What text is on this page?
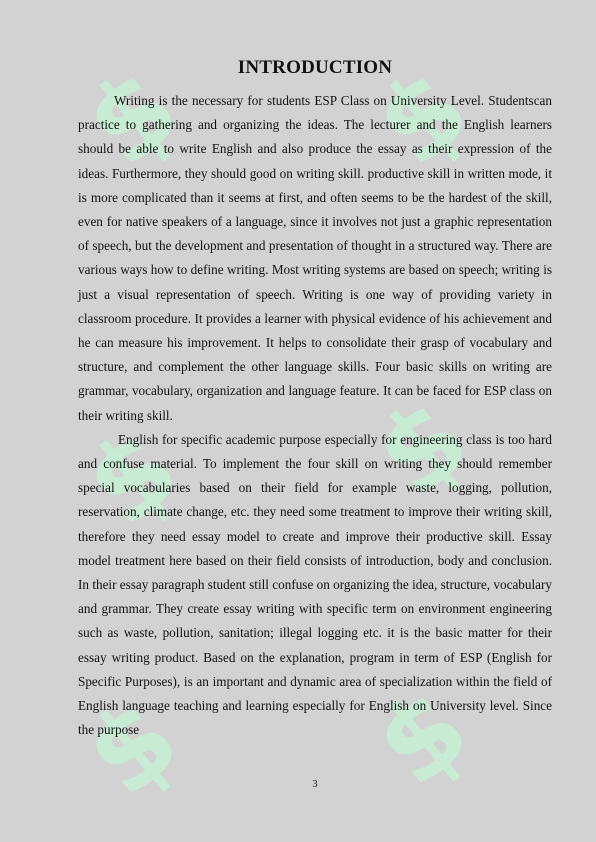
$ $
$ $
$ $
INTRODUCTION

Writing is the necessary for students ESP Class on University Level. Studentscan practice to gathering and organizing the ideas. The lecturer and the English learners should be able to write English and also produce the essay as their expression of the ideas. Furthermore, they should good on writing skill. productive skill in written mode, it is more complicated than it seems at first, and often seems to be the hardest of the skill, even for native speakers of a language, since it involves not just a graphic representation of speech, but the development and presentation of thought in a structured way. There are various ways how to define writing. Most writing systems are based on speech; writing is just a visual representation of speech. Writing is one way of providing variety in classroom procedure. It provides a learner with physical evidence of his achievement and he can measure his improvement. It helps to consolidate their grasp of vocabulary and structure, and complement the other language skills. Four basic skills on writing are grammar, vocabulary, organization and language feature. It can be faced for ESP class on their writing skill.

English for specific academic purpose especially for engineering class is too hard and confuse material. To implement the four skill on writing they should remember special vocabularies based on their field for example waste, logging, pollution, reservation, climate change, etc. they need some treatment to improve their writing skill, therefore they need essay model to create and improve their productive skill. Essay model treatment here based on their field consists of introduction, body and conclusion. In their essay paragraph student still confuse on organizing the idea, structure, vocabulary and grammar. They create essay writing with specific term on environment engineering such as waste, pollution, sanitation; illegal logging etc. it is the basic matter for their essay writing product. Based on the explanation, program in term of ESP (English for Specific Purposes), is an important and dynamic area of specialization within the field of English language teaching and learning especially for English on University level. Since the purpose

3
